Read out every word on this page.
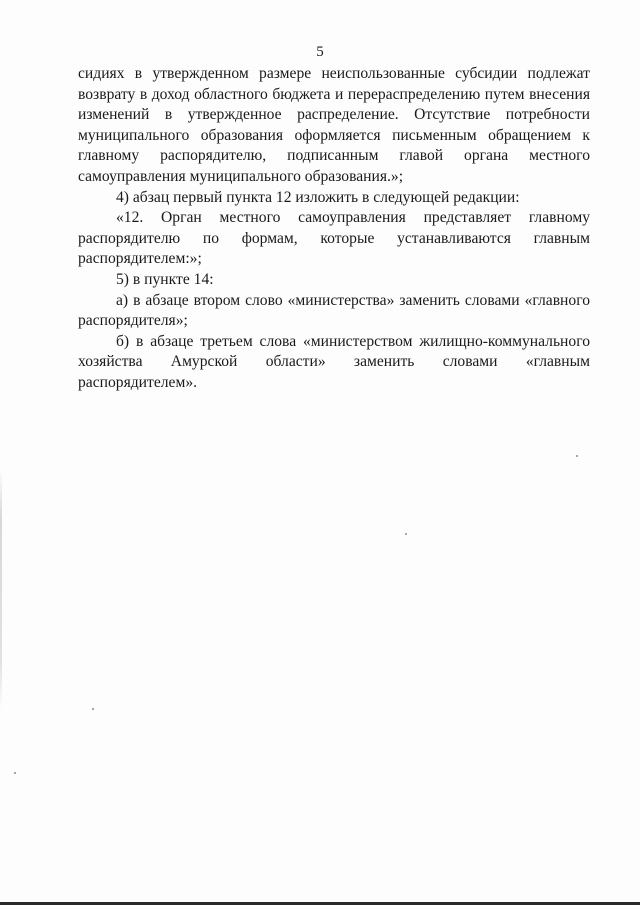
5

сидиях в утвержденном размере неиспользованные субсидии подлежат возврату в доход областного бюджета и перераспределению путем внесения изменений в утвержденное распределение. Отсутствие потребности муниципального образования оформляется письменным обращением к главному распорядителю, подписанным главой органа местного самоуправления муниципального образования.»;

4) абзац первый пункта 12 изложить в следующей редакции:

«12. Орган местного самоуправления представляет главному распорядителю по формам, которые устанавливаются главным распорядителем:»;

5) в пункте 14:

а) в абзаце втором слово «министерства» заменить словами «главного распорядителя»;

б) в абзаце третьем слова «министерством жилищно-коммунального хозяйства Амурской области» заменить словами «главным распорядителем».
